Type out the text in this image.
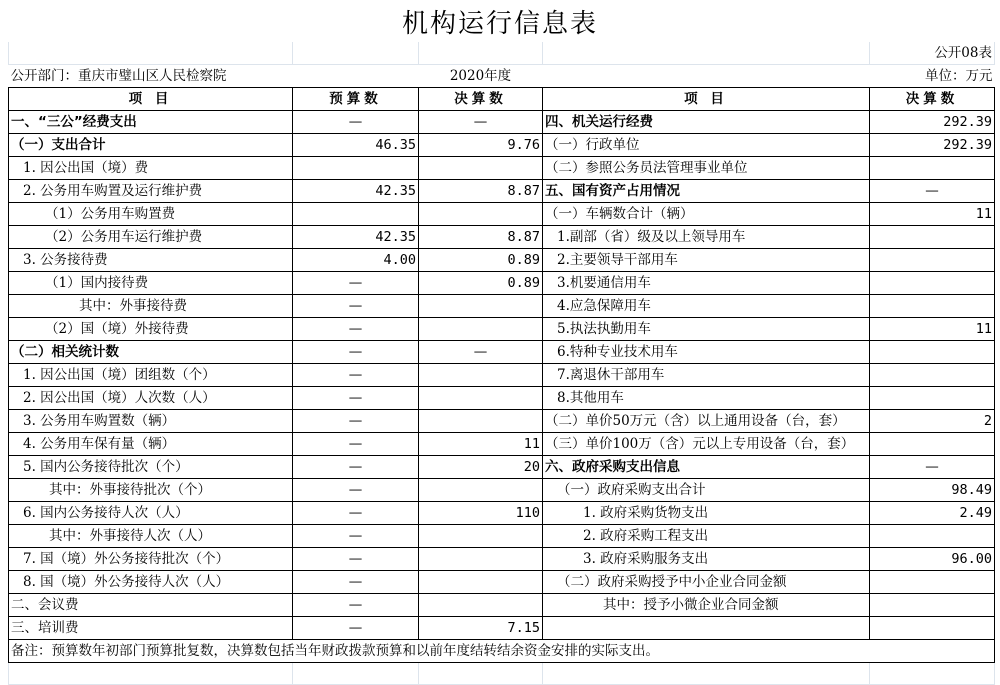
机构运行信息表
				公开08表
公开部门：重庆市璧山区人民检察院		2020年度		单位：万元
项 目	预算数	决算数	项 目	决算数
一、“三公”经费支出	—	—	四、机关运行经费	292.39
（一）支出合计	46.35	9.76	（一）行政单位	292.39
1. 因公出国（境）费			（二）参照公务员法管理事业单位	
2. 公务用车购置及运行维护费	42.35	8.87	五、国有资产占用情况	—
（1）公务用车购置费			（一）车辆数合计（辆）	11
（2）公务用车运行维护费	42.35	8.87	1.副部（省）级及以上领导用车	
3. 公务接待费	4.00	0.89	2.主要领导干部用车	
（1）国内接待费	—	0.89	3.机要通信用车	
其中：外事接待费	—		4.应急保障用车	
（2）国（境）外接待费	—		5.执法执勤用车	11
（二）相关统计数	—	—	6.特种专业技术用车	
1. 因公出国（境）团组数（个）	—		7.离退休干部用车	
2. 因公出国（境）人次数（人）	—		8.其他用车	
3. 公务用车购置数（辆）	—		（二）单价50万元（含）以上通用设备（台，套）	2
4. 公务用车保有量（辆）	—	11	（三）单价100万（含）元以上专用设备（台，套）	
5. 国内公务接待批次（个）	—	20	六、政府采购支出信息	—
其中：外事接待批次（个）	—		（一）政府采购支出合计	98.49
6. 国内公务接待人次（人）	—	110	1. 政府采购货物支出	2.49
其中：外事接待人次（人）	—		2. 政府采购工程支出	
7. 国（境）外公务接待批次（个）	—		3. 政府采购服务支出	96.00
8. 国（境）外公务接待人次（人）	—		（二）政府采购授予中小企业合同金额	
二、会议费	—		其中：授予小微企业合同金额	
三、培训费	—	7.15		
备注：预算数年初部门预算批复数，决算数包括当年财政拨款预算和以前年度结转结余资金安排的实际支出。				
